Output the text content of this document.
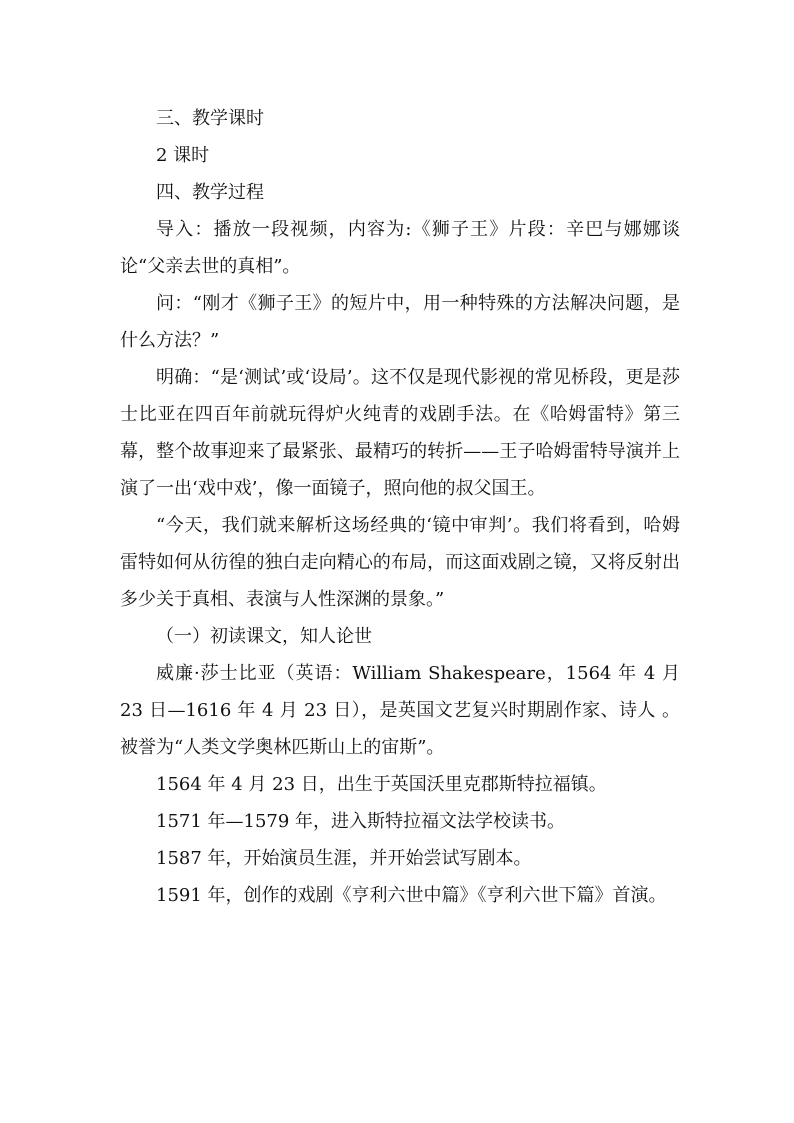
三、教学课时

2 课时

四、教学过程

导入：播放一段视频，内容为:《狮子王》片段：辛巴与娜娜谈论“父亲去世的真相”。

问：“刚才《狮子王》的短片中，用一种特殊的方法解决问题，是什么方法？”

明确：“是‘测试’或‘设局’。这不仅是现代影视的常见桥段，更是莎士比亚在四百年前就玩得炉火纯青的戏剧手法。在《哈姆雷特》第三幕，整个故事迎来了最紧张、最精巧的转折——王子哈姆雷特导演并上演了一出‘戏中戏’，像一面镜子，照向他的叔父国王。

“今天，我们就来解析这场经典的‘镜中审判’。我们将看到，哈姆雷特如何从彷徨的独白走向精心的布局，而这面戏剧之镜，又将反射出多少关于真相、表演与人性深渊的景象。”

（一）初读课文，知人论世

威廉·莎士比亚（英语：William Shakespeare，1564 年 4 月 23 日—1616 年 4 月 23 日），是英国文艺复兴时期剧作家、诗人 。被誉为“人类文学奥林匹斯山上的宙斯”。

1564 年 4 月 23 日，出生于英国沃里克郡斯特拉福镇。

1571 年—1579 年，进入斯特拉福文法学校读书。

1587 年，开始演员生涯，并开始尝试写剧本。

1591 年，创作的戏剧《亨利六世中篇》《亨利六世下篇》首演。
